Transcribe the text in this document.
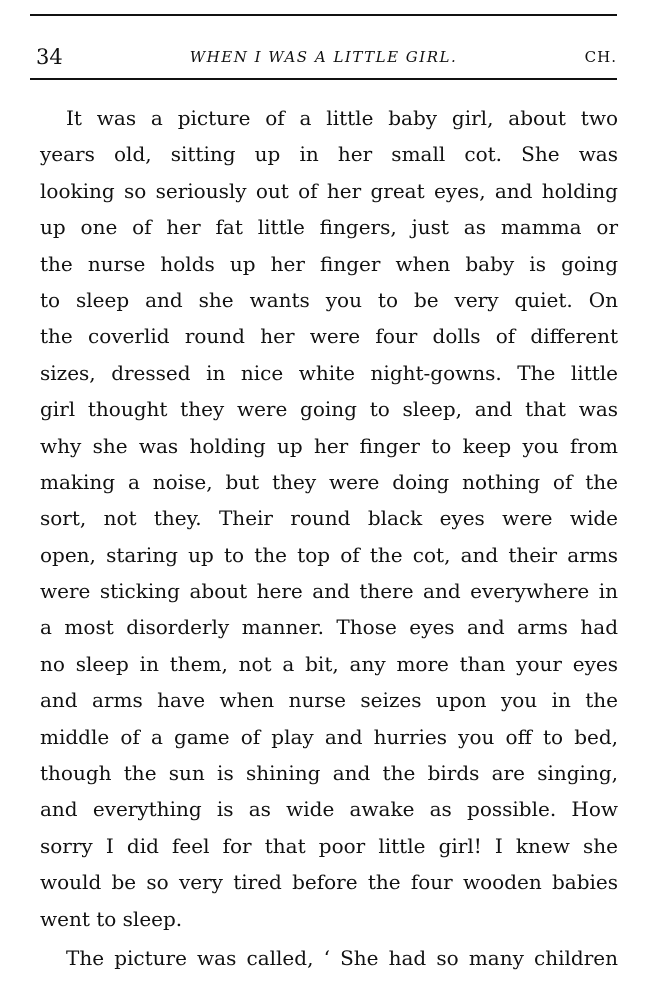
34	WHEN I WAS A LITTLE GIRL.	CH.
It was a picture of a little baby girl, about two
years old, sitting up in her small cot. She was
looking so seriously out of her great eyes, and holding
up one of her fat little fingers, just as mamma or
the nurse holds up her finger when baby is going
to sleep and she wants you to be very quiet. On
the coverlid round her were four dolls of different
sizes, dressed in nice white night-gowns. The little
girl thought they were going to sleep, and that was
why she was holding up her finger to keep you from
making a noise, but they were doing nothing of the
sort, not they. Their round black eyes were wide
open, staring up to the top of the cot, and their arms
were sticking about here and there and everywhere in
a most disorderly manner. Those eyes and arms had
no sleep in them, not a bit, any more than your eyes
and arms have when nurse seizes upon you in the
middle of a game of play and hurries you off to bed,
though the sun is shining and the birds are singing,
and everything is as wide awake as possible. How
sorry I did feel for that poor little girl! I knew she
would be so very tired before the four wooden babies
went to sleep.
The picture was called, ‘ She had so many children
